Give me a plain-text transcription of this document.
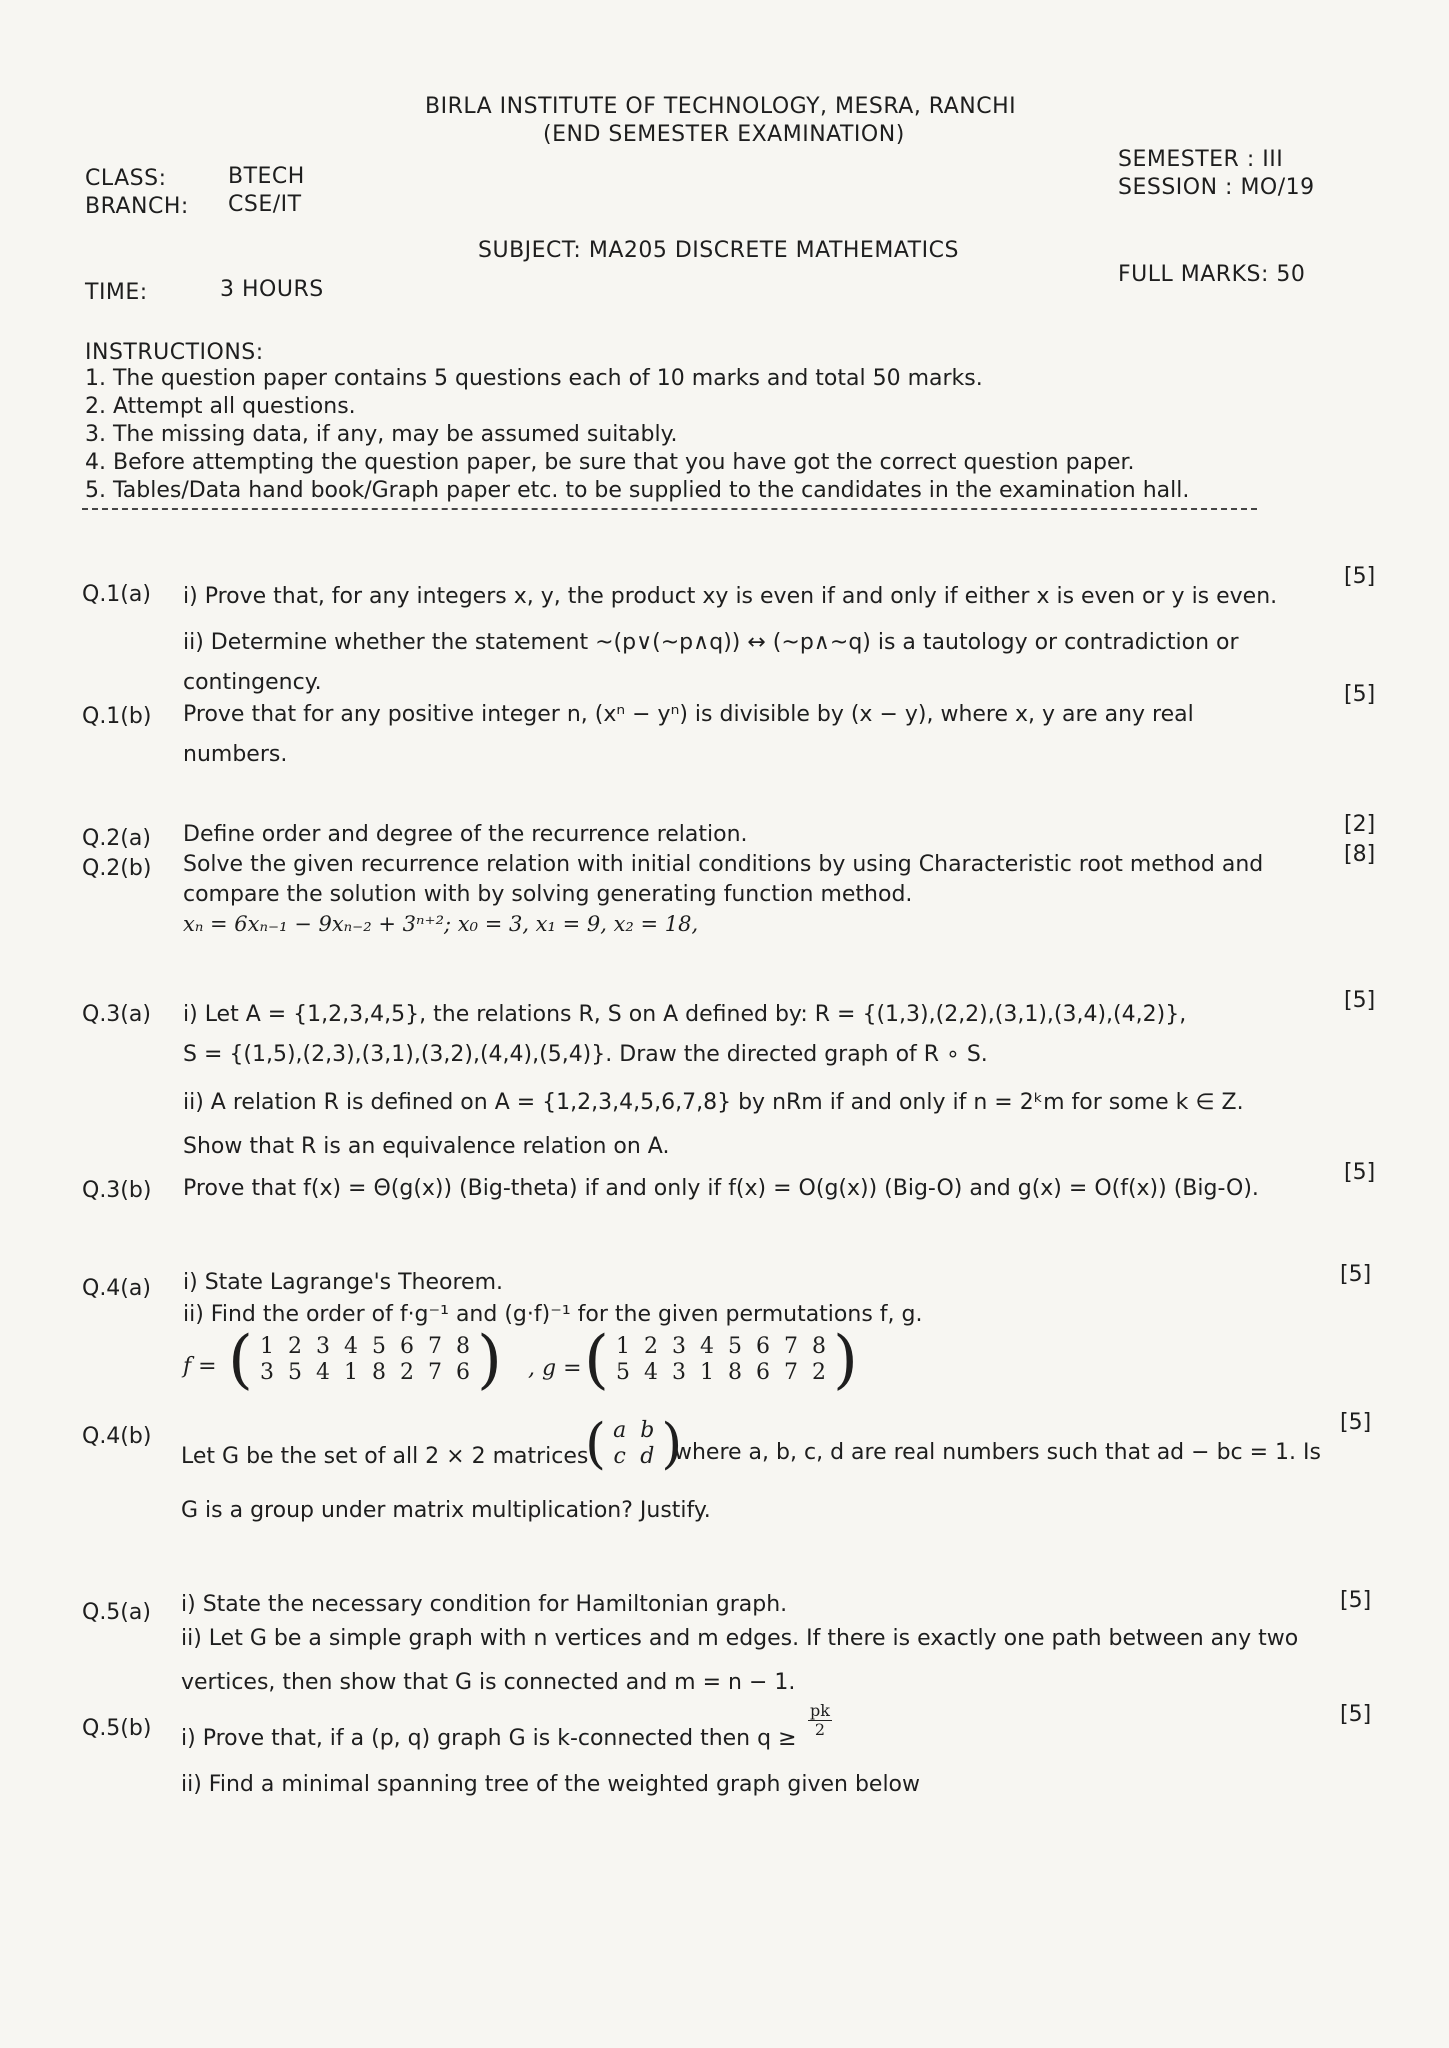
BIRLA INSTITUTE OF TECHNOLOGY, MESRA, RANCHI
(END SEMESTER EXAMINATION)
CLASS:	BTECH
BRANCH: CSE/IT
SEMESTER : III
SESSION : MO/19
SUBJECT: MA205 DISCRETE MATHEMATICS
TIME:	3 HOURS
FULL MARKS: 50
INSTRUCTIONS:
1. The question paper contains 5 questions each of 10 marks and total 50 marks.
2. Attempt all questions.
3. The missing data, if any, may be assumed suitably.
4. Before attempting the question paper, be sure that you have got the correct question paper.
5. Tables/Data hand book/Graph paper etc. to be supplied to the candidates in the examination hall.
Q.1(a) i) Prove that, for any integers x, y, the product xy is even if and only if either x is even or y is even.
[5]
ii) Determine whether the statement ~(p∨(~p∧q)) ↔ (~p∧~q) is a tautology or contradiction or
contingency.
Q.1(b) Prove that for any positive integer n, (xⁿ − yⁿ) is divisible by (x − y), where x, y are any real
[5]
numbers.
Q.2(a) Define order and degree of the recurrence relation.	[2]
Q.2(b) Solve the given recurrence relation with initial conditions by using Characteristic root method and	[8]
compare the solution with by solving generating function method.
xₙ = 6xₙ₋₁ − 9xₙ₋₂ + 3ⁿ⁺²; x₀ = 3, x₁ = 9, x₂ = 18,
Q.3(a) i) Let A = {1,2,3,4,5}, the relations R, S on A defined by: R = {(1,3),(2,2),(3,1),(3,4),(4,2)},
[5]
S = {(1,5),(2,3),(3,1),(3,2),(4,4),(5,4)}. Draw the directed graph of R ∘ S.
ii) A relation R is defined on A = {1,2,3,4,5,6,7,8} by nRm if and only if n = 2ᵏm for some k ∈ Z.
Show that R is an equivalence relation on A.
Q.3(b) Prove that f(x) = Θ(g(x)) (Big-theta) if and only if f(x) = O(g(x)) (Big-O) and g(x) = O(f(x)) (Big-O).
[5]
Q.4(a) i) State Lagrange's Theorem.	[5]
ii) Find the order of f·g⁻¹ and (g·f)⁻¹ for the given permutations f, g.
f = ( 1	2	3	4	5	6	7	8
3	5	4	1	8	2	7	6 ) , g = ( 1	2	3	4	5	6	7	8
5	4	3	1	8	6	7	2 )
Q.4(b)
[5]
Let G be the set of all 2 × 2 matrices
( a	b
c	d )
where a, b, c, d are real numbers such that ad − bc = 1. Is
G is a group under matrix multiplication? Justify.
Q.5(a) i) State the necessary condition for Hamiltonian graph.	[5]
ii) Let G be a simple graph with n vertices and m edges. If there is exactly one path between any two
vertices, then show that G is connected and m = n − 1.
Q.5(b)
[5]
i) Prove that, if a (p, q) graph G is k-connected then $q \ge \frac{pk}{2}$
ii) Find a minimal spanning tree of the weighted graph given below
